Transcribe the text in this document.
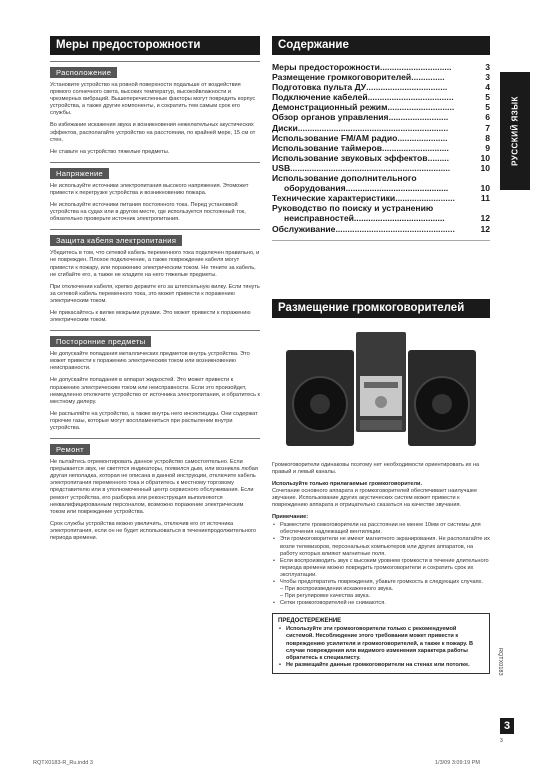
Меры предосторожности
Расположение

Установите устройство на ровной поверхности подальше от воздействия прямого солнечного света, высоких температур, высокойвлажности и чрезмерных вибраций. Вышеперечисленные факторы могут повредить корпус устройства, а также другие компоненты, и сократить тем самым срок его службы.

Во избежание искажения звука и возникновения нежелательных акустических эффектов, располагайте устройство на расстоянии, по крайней мере, 15 см от стен.

Не ставьте на устройство тяжелые предметы.

Напряжение

Не используйте источники электропитания высокого напряжения. Этоможет привести к перегрузке устройства и возникновению пожара.

Не используйте источники питания постоянного тока. Перед установкой устройства на судах или в другом месте, где используется постоянный ток, обязательно проверьте источник электропитания.

Защита кабеля электропитания

Убедитесь в том, что сетевой кабель переменного тока подключен правильно, и не поврежден. Плохое подключение, а также повреждение кабеля могут привести к пожару, или поражению электрическим током. Не тяните за кабель, не сгибайте его, а также не кладите на него тяжелые предметы.

При отключении кабеля, крепко держите его за штепсельную вилку. Если тянуть за сетевой кабель переменного тока, это может привести к поражению электрическим током.

Не прикасайтесь к вилке мокрыми руками. Это может привести к поражению электрическим током.

Посторонние предметы

Не допускайте попадания металлических предметов внутрь устройства. Это может привести к поражению электрическим током или возникновению неисправности.

Не допускайте попадания в аппарат жидкостей. Это может привести к поражению электрическим током или неисправности. Если это произойдет, немедленно отключите устройство от источника электропитания, и обратитесь к местному дилеру.

Не распыляйте на устройство, а также внутрь него инсектициды. Они содержат горючие газы, которые могут воспламениться при распылении внутри устройства.

Ремонт

Не пытайтесь отремонтировать данное устройство самостоятельно. Если прерывается звук, не светятся индикаторы, появился дым, или возникла любая другая неполадка, которая не описана в данной инструкции, отключите кабель электропитания переменного тока и обратитесь к местному торговому представителю или в уполномоченный центр сервисного обслуживания. Если ремонт устройства, его разборка или реконструкция выполняются неквалифицированным персоналом, возможно поражение электрическим током или повреждение устройства.

Срок службы устройства можно увеличить, отключив его от источника электропитания, если он не будет использоваться в течениепродолжительного периода времени.

Содержание
Меры предосторожности ..............................	3
Размещение громкоговорителей ..............	3
Подготовка пульта ДУ ..................................	4
Подключение кабелей ....................................	5
Демонстрационный режим ............................	5
Обзор органов управления .........................	6
Диски ...............................................................	7
Использование FM/AM радио .....................	8
Использование таймеров ............................	9
Использование звуковых эффектов .........	10
USB ...................................................................	10
Использование дополнительного
оборудования ...........................................	10
Технические характеристики .........................	11
Руководство по поиску и устранению
неисправностей ......................................	12
Обслуживание ..................................................	12
Размещение громкоговорителей

Громкоговорители одинаковы поэтому нет необходимости ориентировать их на правый и левый каналы.

Используйте только прилагаемые громкоговорители.

Сочетание основного аппарата и громкоговорителей обеспечивает наилучшее звучание. Использование других акустических систем может привести к повреждению аппарата и отрицательно сказаться на качестве звучания.

Примечание:

• Разместите громкоговорители на расстоянии не менее 10мм от системы для обеспечения надлежащей вентиляции.
• Эти громкоговорители не имеют магнитного экранирования. Не располагайте их возле телевизоров, персональных компьютеров или других аппаратов, на работу которых влияют магнитные поля.
• Если воспроизводить звук с высоким уровнем громкости в течение длительного периода времени можно повредить громкоговорители и сократить срок их эксплуатации.
• Чтобы предотвратить повреждения, убавьте громкость в следующих случаях.
– При воспроизведении искаженного звука.
– При регулировке качества звука.
• Сетки громкоговорителей не снимаются.
ПРЕДОСТЕРЕЖЕНИЕ
• Используйте эти громкоговорители только с рекомендуемой системой. Несоблюдение этого требования может привести к повреждению усилителя и громкоговорителей, а также к пожару. В случае повреждения или видимого изменения характера работы обратитесь к специалисту.
• Не размещайте данные громкоговорители на стенах или потолке.
РУССКИЙ ЯЗЫК
RQTX0183
3
3
RQTX0183-R_Ru.indd 3	1/3/09 3:09:19 PM
